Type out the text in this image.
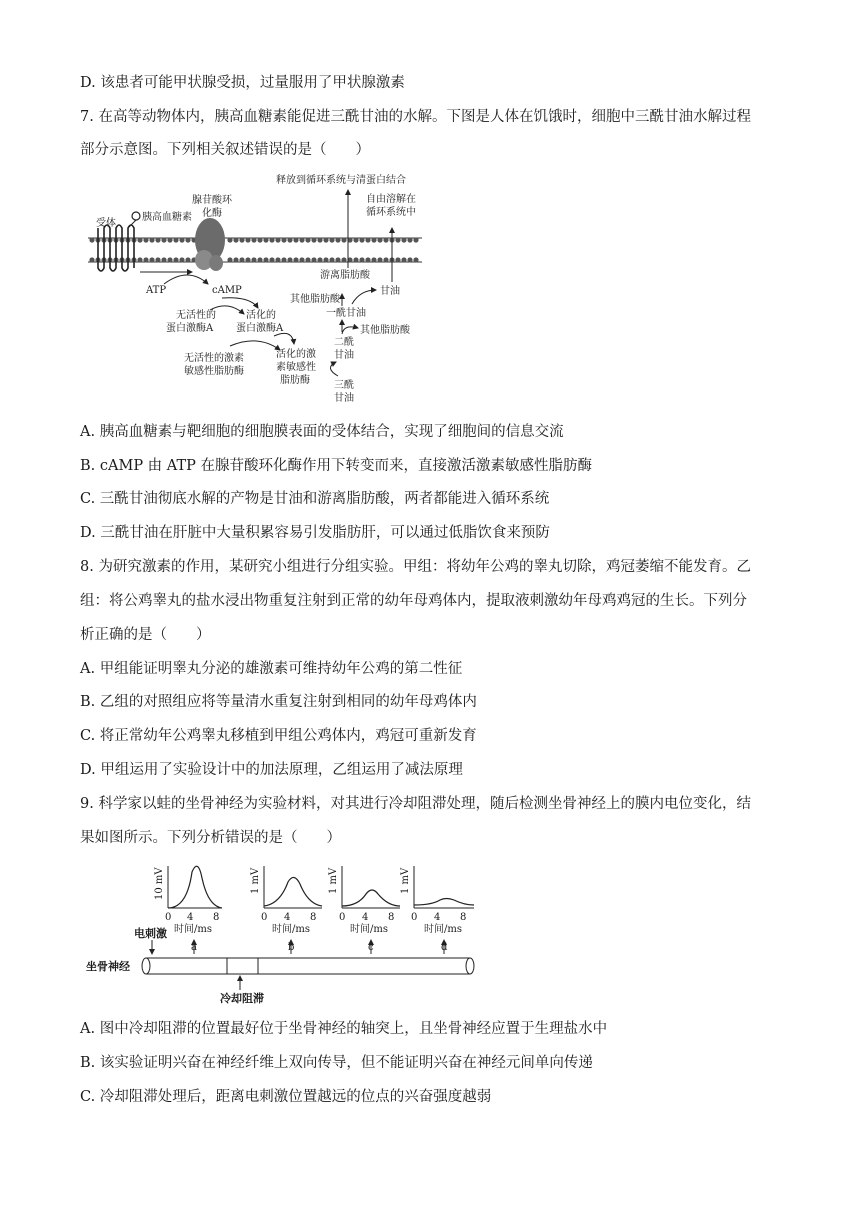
D. 该患者可能甲状腺受损，过量服用了甲状腺激素
7. 在高等动物体内，胰高血糖素能促进三酰甘油的水解。下图是人体在饥饿时，细胞中三酰甘油水解过程
部分示意图。下列相关叙述错误的是（　　）
受体
胰高血糖素
腺苷酸环
化酶
ATP	cAMP
无活性的
蛋白激酶A
活化的
蛋白激酶A
无活性的激素
敏感性脂肪酶
活化的激
素敏感性
脂肪酶 三酰
甘油
二酰
甘油
其他脂肪酸
一酰甘油
其他脂肪酸
甘油
游离脂肪酸
释放到循环系统与清蛋白结合
自由溶解在
循环系统中
A. 胰高血糖素与靶细胞的细胞膜表面的受体结合，实现了细胞间的信息交流
B. cAMP 由 ATP 在腺苷酸环化酶作用下转变而来，直接激活激素敏感性脂肪酶
C. 三酰甘油彻底水解的产物是甘油和游离脂肪酸，两者都能进入循环系统
D. 三酰甘油在肝脏中大量积累容易引发脂肪肝，可以通过低脂饮食来预防
8. 为研究激素的作用，某研究小组进行分组实验。甲组：将幼年公鸡的睾丸切除，鸡冠萎缩不能发育。乙
组：将公鸡睾丸的盐水浸出物重复注射到正常的幼年母鸡体内，提取液刺激幼年母鸡鸡冠的生长。下列分
析正确的是（　　）
A. 甲组能证明睾丸分泌的雄激素可维持幼年公鸡的第二性征
B. 乙组的对照组应将等量清水重复注射到相同的幼年母鸡体内
C. 将正常幼年公鸡睾丸移植到甲组公鸡体内，鸡冠可重新发育
D. 甲组运用了实验设计中的加法原理，乙组运用了减法原理
9. 科学家以蛙的坐骨神经为实验材料，对其进行冷却阻滞处理，随后检测坐骨神经上的膜内电位变化，结
果如图所示。下列分析错误的是（　　）
10 mV
0 4 8
时间/ms
1 mV
0 4 8
时间/ms
1 mV
0 4 8
时间/ms
1 mV
0 4 8
时间/ms
电刺激
a	b	c	d
坐骨神经
冷却阻滞
A. 图中冷却阻滞的位置最好位于坐骨神经的轴突上，且坐骨神经应置于生理盐水中
B. 该实验证明兴奋在神经纤维上双向传导，但不能证明兴奋在神经元间单向传递
C. 冷却阻滞处理后，距离电刺激位置越远的位点的兴奋强度越弱
